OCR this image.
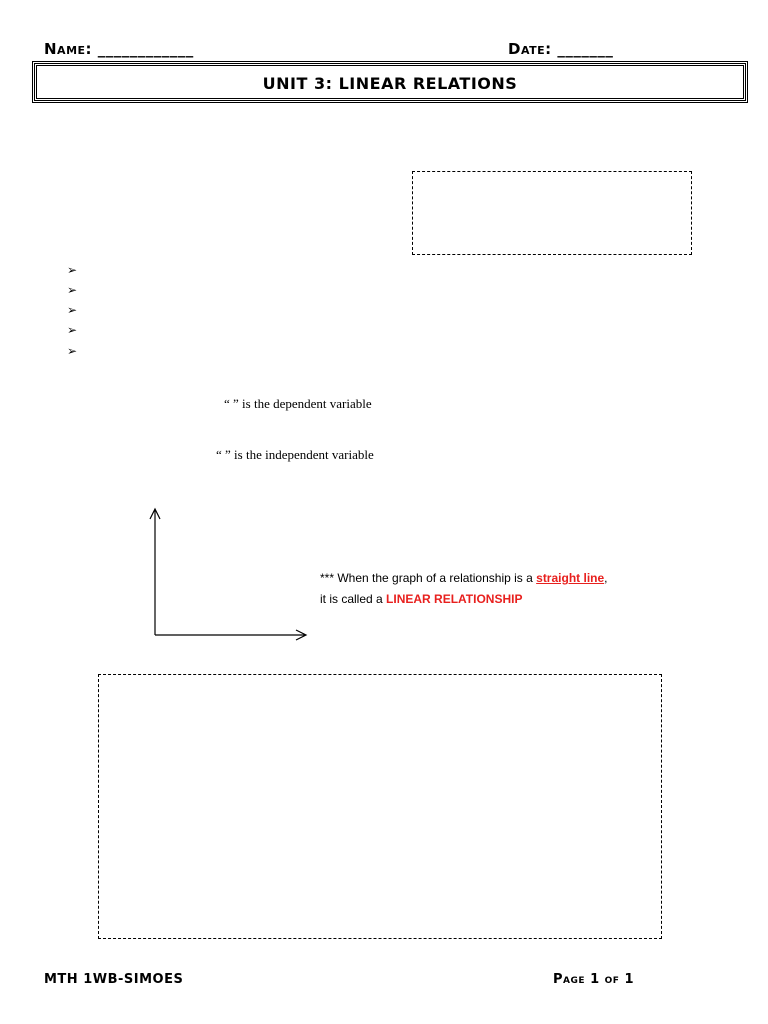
Name: ____________	Date: _______
UNIT 3: LINEAR RELATIONS
➢
➢
➢
➢
➢
“ ” is the dependent variable
“ ” is the independent variable
*** When the graph of a relationship is a straight line,
it is called a LINEAR RELATIONSHIP
MTH 1WB-SIMOES	Page 1 of 1
